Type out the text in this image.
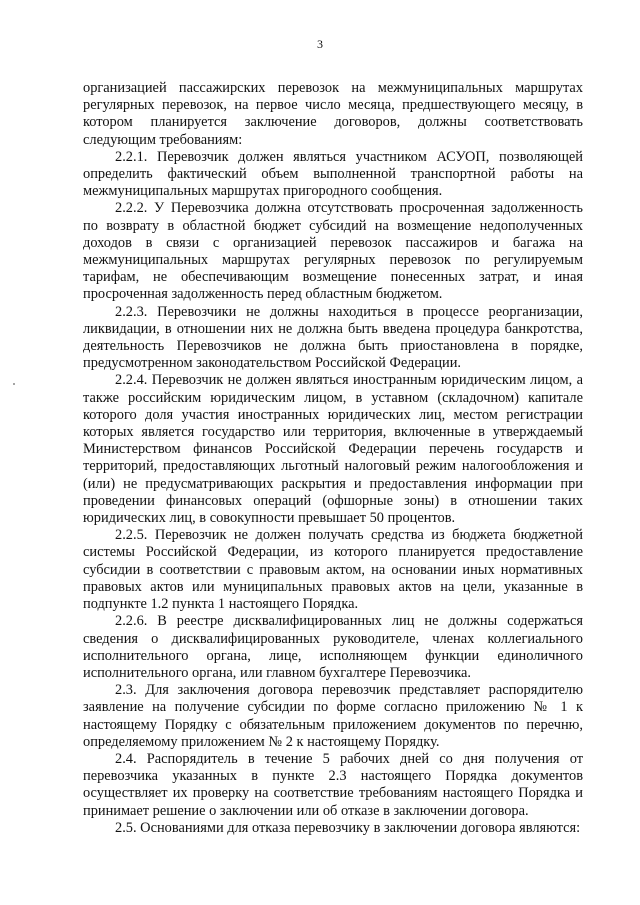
3

организацией пассажирских перевозок на межмуниципальных маршрутах регулярных перевозок, на первое число месяца, предшествующего месяцу, в котором планируется заключение договоров, должны соответствовать следующим требованиям:

2.2.1. Перевозчик должен являться участником АСУОП, позволяющей определить фактический объем выполненной транспортной работы на межмуниципальных маршрутах пригородного сообщения.

2.2.2. У Перевозчика должна отсутствовать просроченная задолженность по возврату в областной бюджет субсидий на возмещение недополученных доходов в связи с организацией перевозок пассажиров и багажа на межмуниципальных маршрутах регулярных перевозок по регулируемым тарифам, не обеспечивающим возмещение понесенных затрат, и иная просроченная задолженность перед областным бюджетом.

2.2.3. Перевозчики не должны находиться в процессе реорганизации, ликвидации, в отношении них не должна быть введена процедура банкротства, деятельность Перевозчиков не должна быть приостановлена в порядке, предусмотренном законодательством Российской Федерации.

2.2.4. Перевозчик не должен являться иностранным юридическим лицом, а также российским юридическим лицом, в уставном (складочном) капитале которого доля участия иностранных юридических лиц, местом регистрации которых является государство или территория, включенные в утверждаемый Министерством финансов Российской Федерации перечень государств и территорий, предоставляющих льготный налоговый режим налогообложения и (или) не предусматривающих раскрытия и предоставления информации при проведении финансовых операций (офшорные зоны) в отношении таких юридических лиц, в совокупности превышает 50 процентов.

2.2.5. Перевозчик не должен получать средства из бюджета бюджетной системы Российской Федерации, из которого планируется предоставление субсидии в соответствии с правовым актом, на основании иных нормативных правовых актов или муниципальных правовых актов на цели, указанные в подпункте 1.2 пункта 1 настоящего Порядка.

2.2.6. В реестре дисквалифицированных лиц не должны содержаться сведения о дисквалифицированных руководителе, членах коллегиального исполнительного органа, лице, исполняющем функции единоличного исполнительного органа, или главном бухгалтере Перевозчика.

2.3. Для заключения договора перевозчик представляет распорядителю заявление на получение субсидии по форме согласно приложению № 1 к настоящему Порядку с обязательным приложением документов по перечню, определяемому приложением № 2 к настоящему Порядку.

2.4. Распорядитель в течение 5 рабочих дней со дня получения от перевозчика указанных в пункте 2.3 настоящего Порядка документов осуществляет их проверку на соответствие требованиям настоящего Порядка и принимает решение о заключении или об отказе в заключении договора.

2.5. Основаниями для отказа перевозчику в заключении договора являются:
